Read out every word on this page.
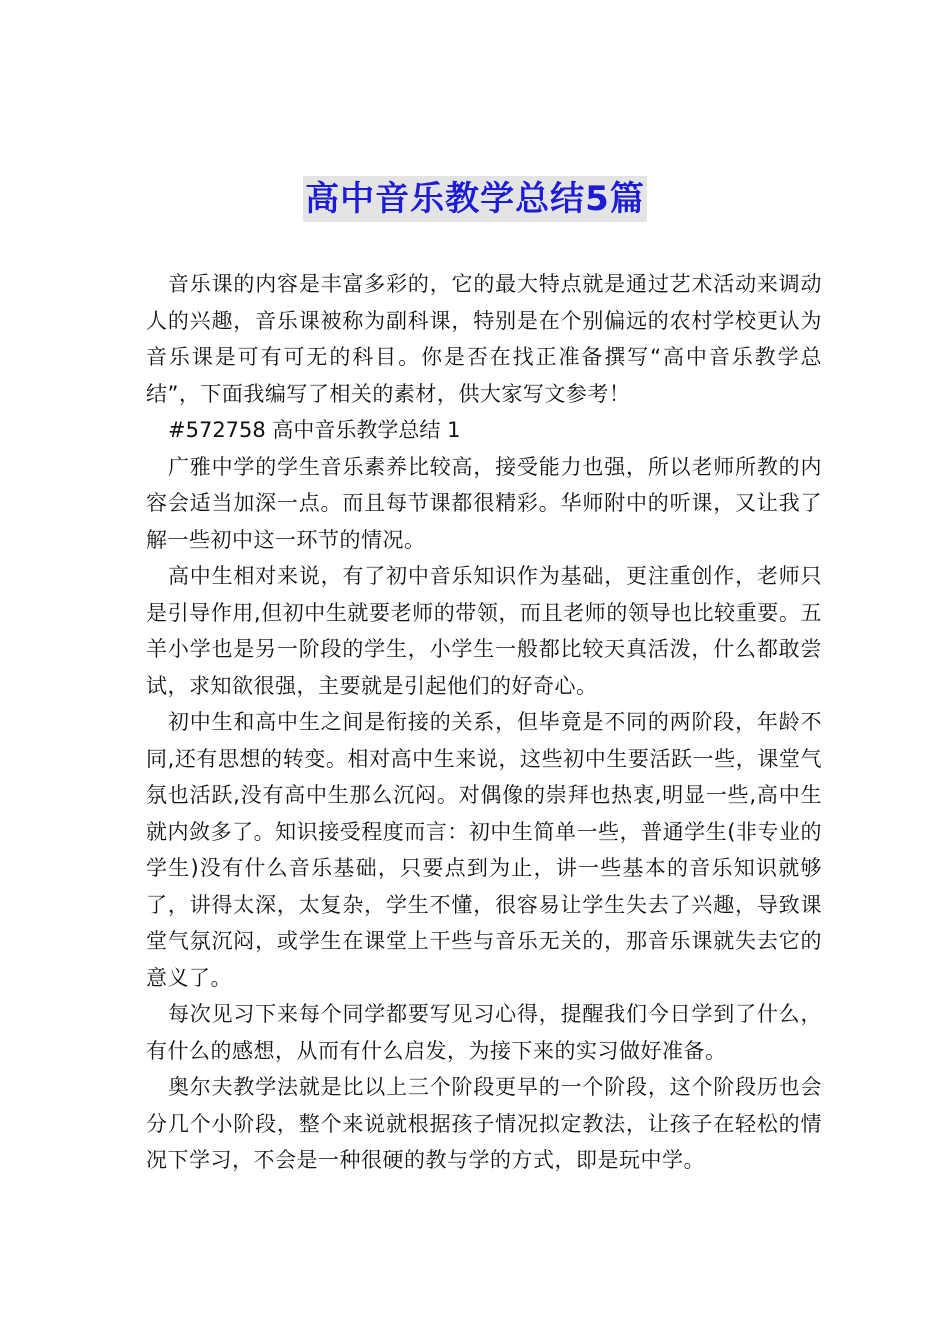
高中音乐教学总结5篇

音乐课的内容是丰富多彩的，它的最大特点就是通过艺术活动来调动人的兴趣，音乐课被称为副科课，特别是在个别偏远的农村学校更认为音乐课是可有可无的科目。你是否在找正准备撰写“高中音乐教学总结”，下面我编写了相关的素材，供大家写文参考！

#572758 高中音乐教学总结 1

广雅中学的学生音乐素养比较高，接受能力也强，所以老师所教的内容会适当加深一点。而且每节课都很精彩。华师附中的听课，又让我了解一些初中这一环节的情况。

高中生相对来说，有了初中音乐知识作为基础，更注重创作，老师只是引导作用,但初中生就要老师的带领，而且老师的领导也比较重要。五羊小学也是另一阶段的学生，小学生一般都比较天真活泼，什么都敢尝试，求知欲很强，主要就是引起他们的好奇心。

初中生和高中生之间是衔接的关系，但毕竟是不同的两阶段，年龄不同,还有思想的转变。相对高中生来说，这些初中生要活跃一些，课堂气氛也活跃,没有高中生那么沉闷。对偶像的崇拜也热衷,明显一些,高中生就内敛多了。知识接受程度而言：初中生简单一些，普通学生(非专业的学生)没有什么音乐基础，只要点到为止，讲一些基本的音乐知识就够了，讲得太深，太复杂，学生不懂，很容易让学生失去了兴趣，导致课堂气氛沉闷，或学生在课堂上干些与音乐无关的，那音乐课就失去它的意义了。

每次见习下来每个同学都要写见习心得，提醒我们今日学到了什么，有什么的感想，从而有什么启发，为接下来的实习做好准备。

奥尔夫教学法就是比以上三个阶段更早的一个阶段，这个阶段历也会分几个小阶段，整个来说就根据孩子情况拟定教法，让孩子在轻松的情况下学习，不会是一种很硬的教与学的方式，即是玩中学。
